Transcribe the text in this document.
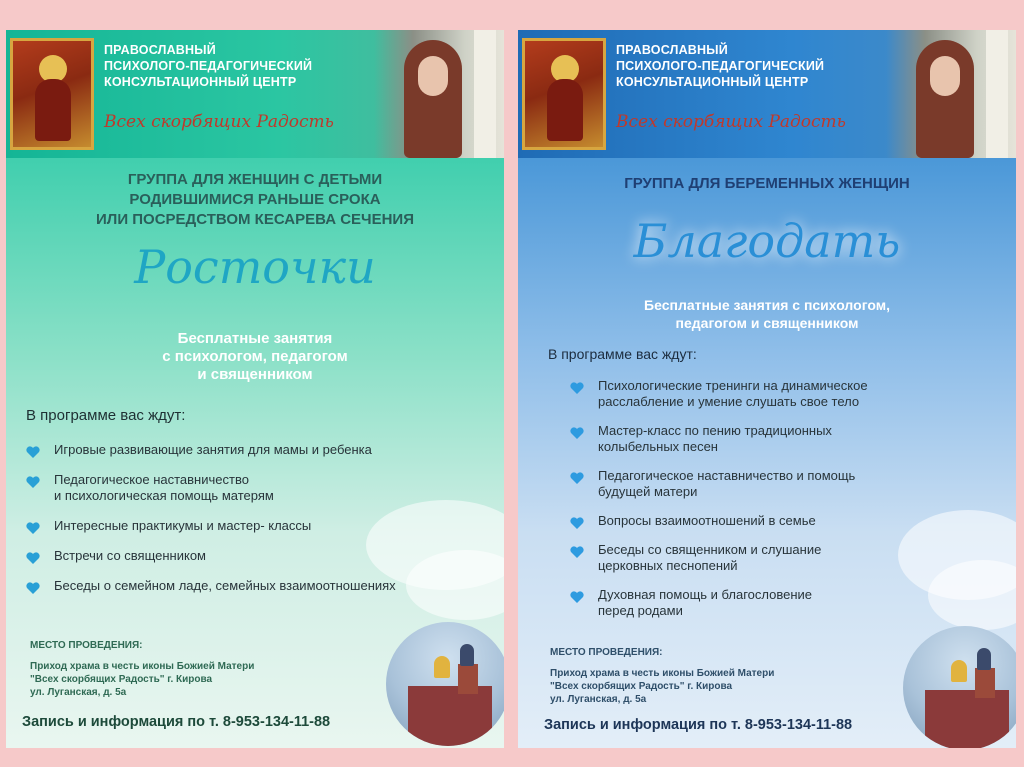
ПРАВОСЛАВНЫЙ
ПСИХОЛОГО-ПЕДАГОГИЧЕСКИЙ
КОНСУЛЬТАЦИОННЫЙ ЦЕНТР

Всех скорбящих Радость

ГРУППА ДЛЯ ЖЕНЩИН С ДЕТЬМИ
РОДИВШИМИСЯ РАНЬШЕ СРОКА
ИЛИ ПОСРЕДСТВОМ КЕСАРЕВА СЕЧЕНИЯ

Росточки

Бесплатные занятия
с психологом, педагогом
и священником

В программе вас ждут:

Игровые развивающие занятия для мамы и ребенка
Педагогическое наставничество
и психологическая помощь матерям
Интересные практикумы и мастер- классы
Встречи со священником
Беседы о семейном ладе, семейных взаимоотношениях

МЕСТО ПРОВЕДЕНИЯ:

Приход храма в честь иконы Божией Матери
"Всех скорбящих Радость" г. Кирова
ул. Луганская, д. 5а

Запись и информация по т. 8-953-134-11-88

ПРАВОСЛАВНЫЙ
ПСИХОЛОГО-ПЕДАГОГИЧЕСКИЙ
КОНСУЛЬТАЦИОННЫЙ ЦЕНТР

Всех скорбящих Радость

ГРУППА ДЛЯ БЕРЕМЕННЫХ ЖЕНЩИН

Благодать

Бесплатные занятия с психологом,
педагогом и священником

В программе вас ждут:

Психологические тренинги на динамическое
расслабление и умение слушать свое тело
Мастер-класс по пению традиционных
колыбельных песен
Педагогическое наставничество и помощь
будущей матери
Вопросы взаимоотношений в семье
Беседы со священником и слушание
церковных песнопений
Духовная помощь и благословение
перед родами

МЕСТО ПРОВЕДЕНИЯ:

Приход храма в честь иконы Божией Матери
"Всех скорбящих Радость" г. Кирова
ул. Луганская, д. 5а

Запись и информация по т. 8-953-134-11-88
